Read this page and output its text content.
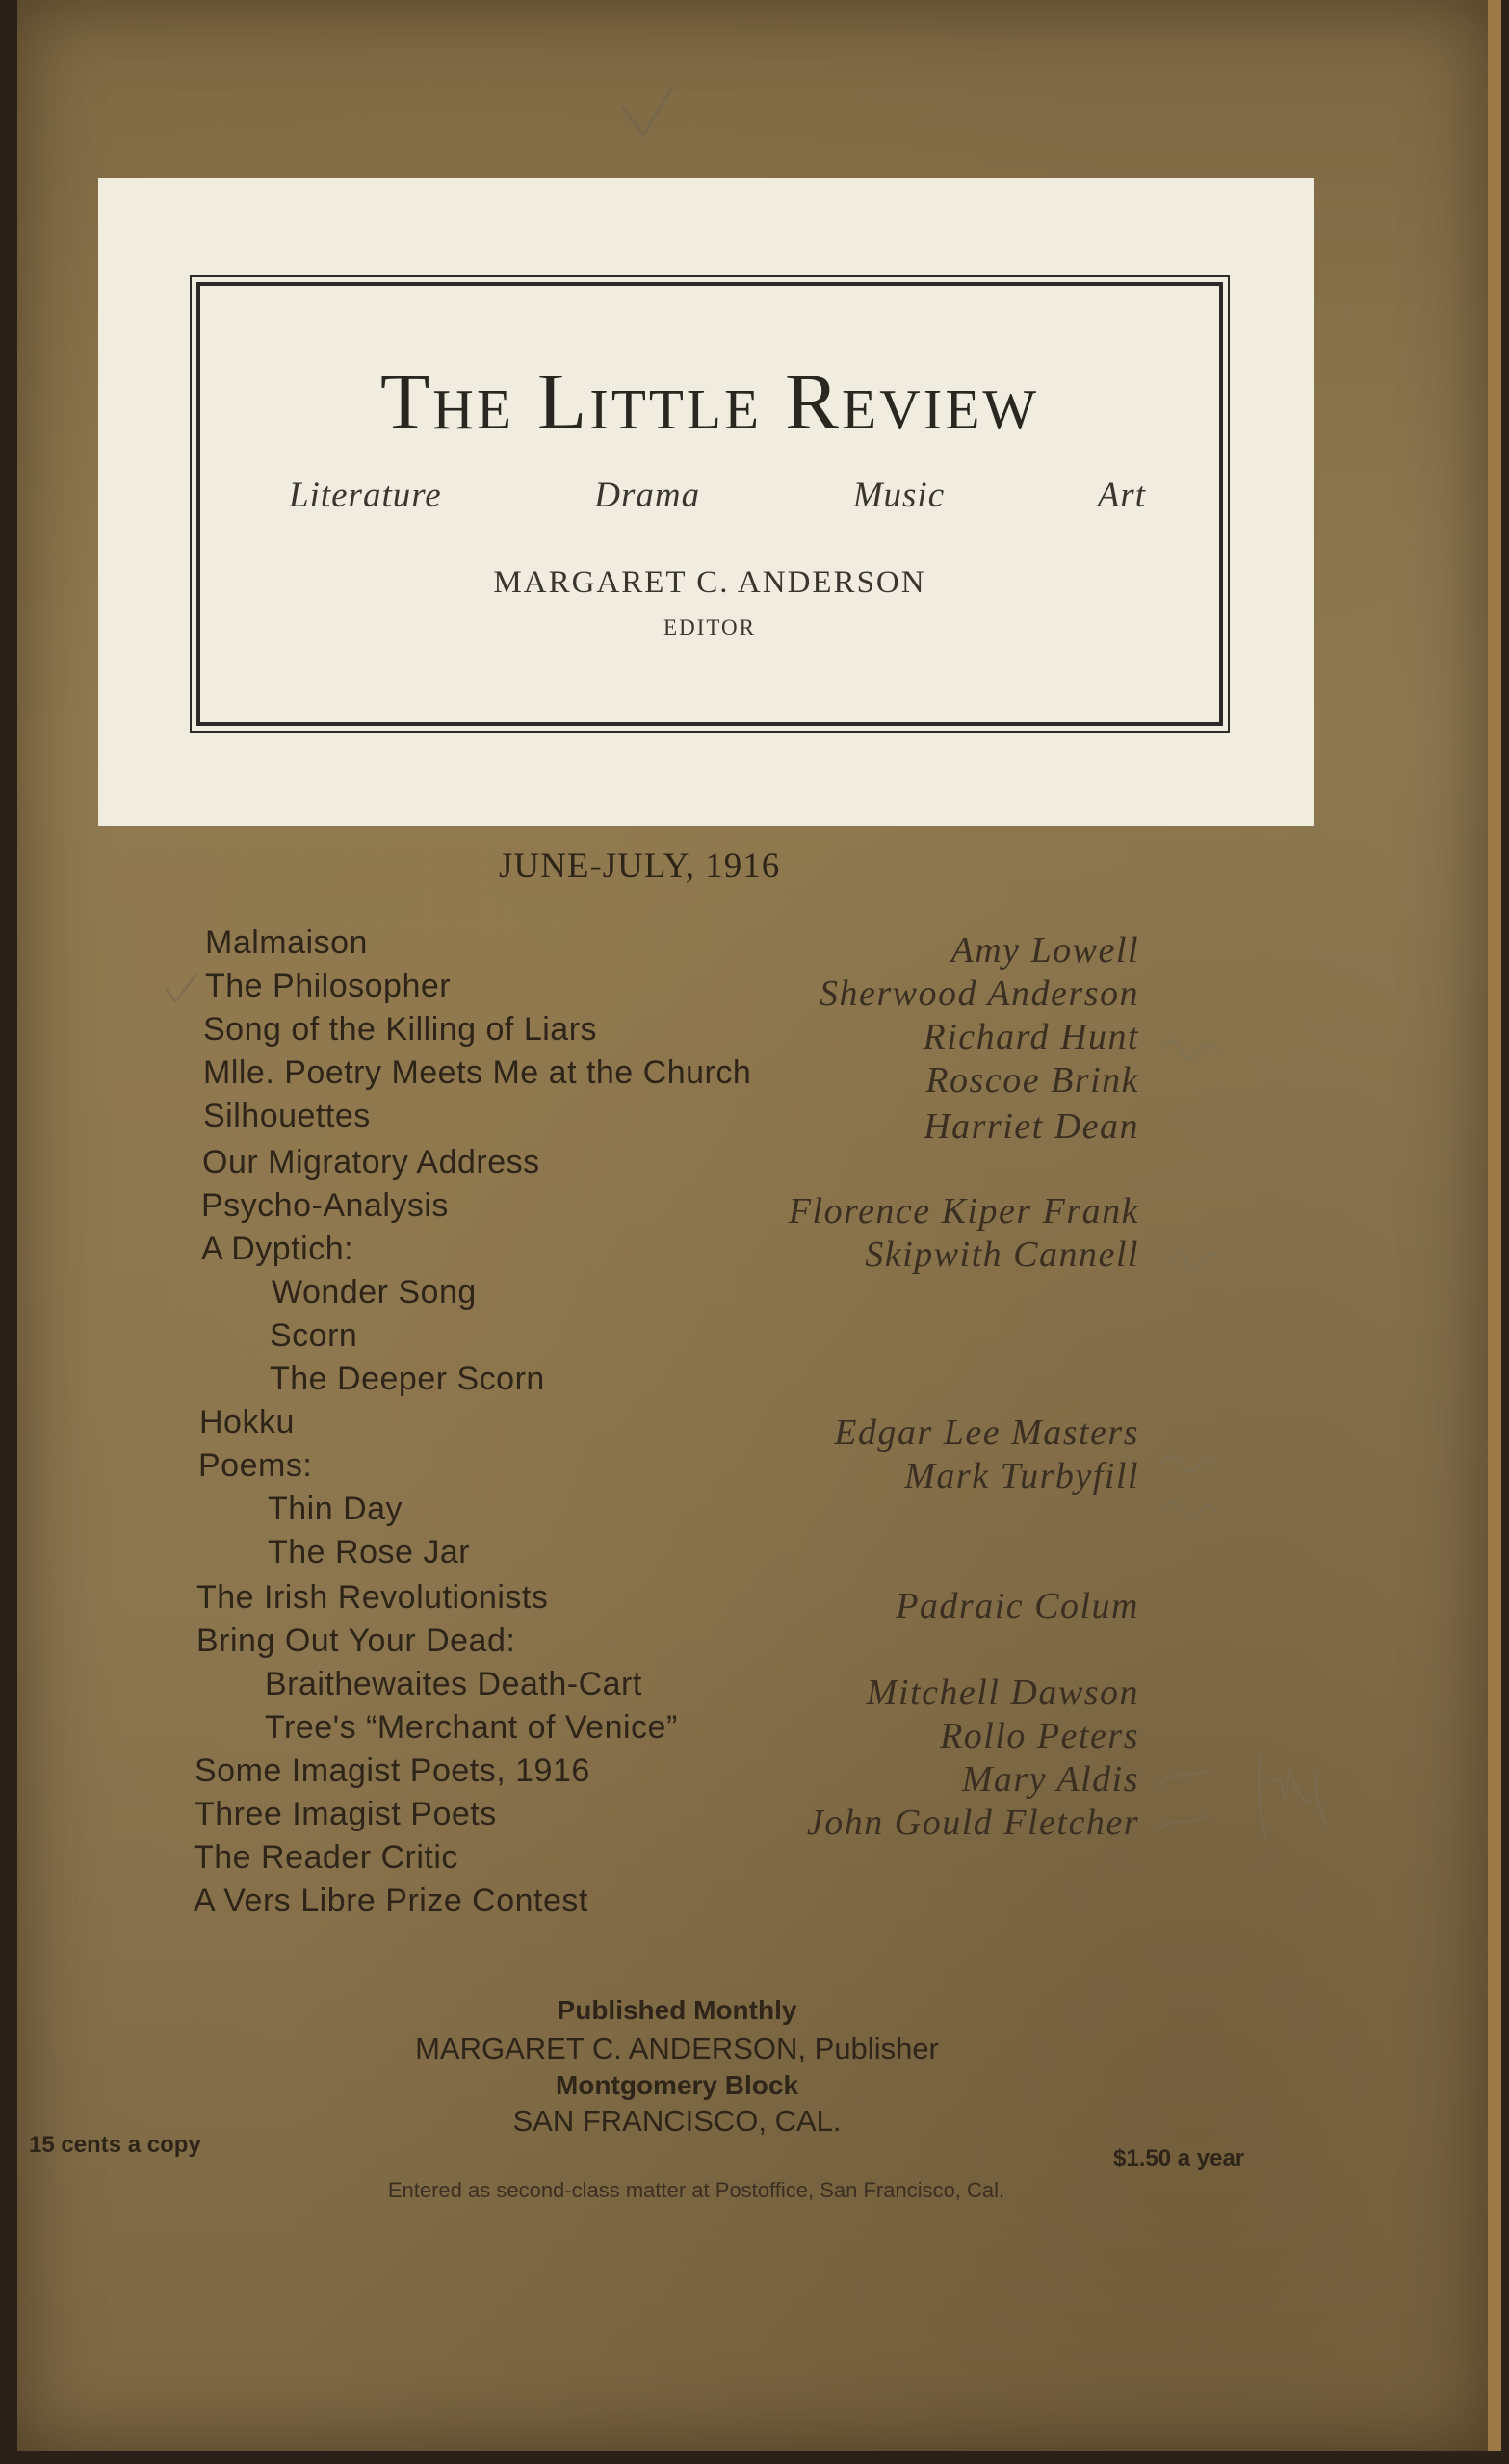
The Little Review
Literature	Drama	Music	Art
MARGARET C. ANDERSON
EDITOR
JUNE-JULY, 1916
Malmaison	Amy Lowell
The Philosopher	Sherwood Anderson
Song of the Killing of Liars	Richard Hunt
Mlle. Poetry Meets Me at the Church	Roscoe Brink
Silhouettes	Harriet Dean
Our Migratory Address
Psycho-Analysis	Florence Kiper Frank
A Dyptich:	Skipwith Cannell
Wonder Song
Scorn
The Deeper Scorn
Hokku	Edgar Lee Masters
Poems:	Mark Turbyfill
Thin Day
The Rose Jar
The Irish Revolutionists	Padraic Colum
Bring Out Your Dead:
Braithewaites Death-Cart	Mitchell Dawson
Tree's “Merchant of Venice”	Rollo Peters
Some Imagist Poets, 1916	Mary Aldis
Three Imagist Poets	John Gould Fletcher
The Reader Critic
A Vers Libre Prize Contest
Published Monthly
MARGARET C. ANDERSON, Publisher
Montgomery Block
SAN FRANCISCO, CAL.
15 cents a copy
$1.50 a year
Entered as second-class matter at Postoffice, San Francisco, Cal.
